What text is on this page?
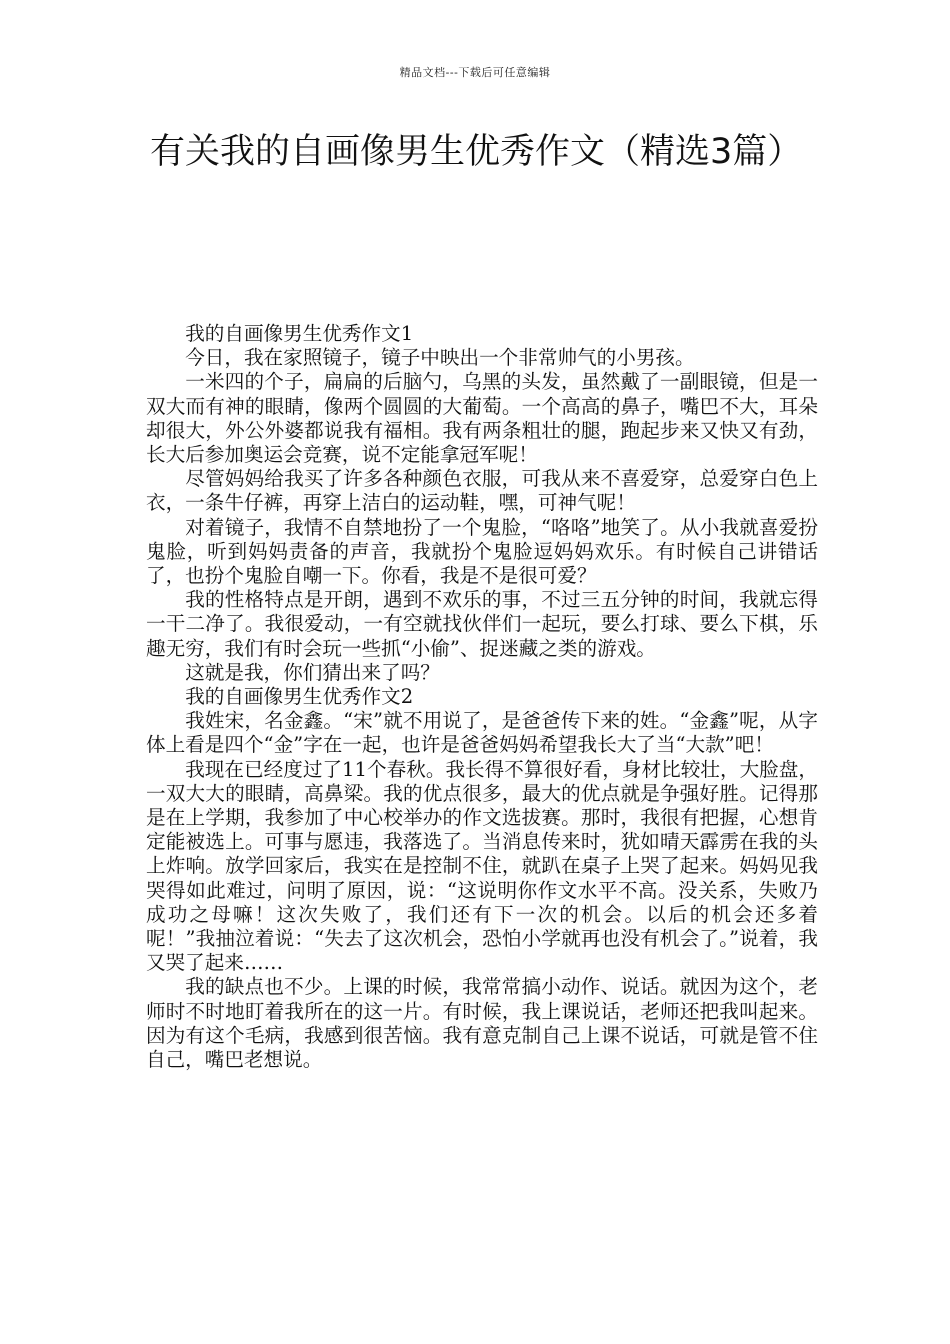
精品文档---下载后可任意编辑
有关我的自画像男生优秀作文（精选3篇）

我的自画像男生优秀作文1

今日，我在家照镜子，镜子中映出一个非常帅气的小男孩。

一米四的个子，扁扁的后脑勺，乌黑的头发，虽然戴了一副眼镜，但是一双大而有神的眼睛，像两个圆圆的大葡萄。一个高高的鼻子，嘴巴不大，耳朵却很大，外公外婆都说我有福相。我有两条粗壮的腿，跑起步来又快又有劲，长大后参加奥运会竞赛，说不定能拿冠军呢！

尽管妈妈给我买了许多各种颜色衣服，可我从来不喜爱穿，总爱穿白色上衣，一条牛仔裤，再穿上洁白的运动鞋，嘿，可神气呢！

对着镜子，我情不自禁地扮了一个鬼脸，“咯咯”地笑了。从小我就喜爱扮鬼脸，听到妈妈责备的声音，我就扮个鬼脸逗妈妈欢乐。有时候自己讲错话了，也扮个鬼脸自嘲一下。你看，我是不是很可爱？

我的性格特点是开朗，遇到不欢乐的事，不过三五分钟的时间，我就忘得一干二净了。我很爱动，一有空就找伙伴们一起玩，要么打球、要么下棋，乐趣无穷，我们有时会玩一些抓“小偷”、捉迷藏之类的游戏。

这就是我，你们猜出来了吗？

我的自画像男生优秀作文2

我姓宋，名金鑫。“宋”就不用说了，是爸爸传下来的姓。“金鑫”呢，从字体上看是四个“金”字在一起，也许是爸爸妈妈希望我长大了当“大款”吧！

我现在已经度过了11个春秋。我长得不算很好看，身材比较壮，大脸盘，一双大大的眼睛，高鼻梁。我的优点很多，最大的优点就是争强好胜。记得那是在上学期，我参加了中心校举办的作文选拔赛。那时，我很有把握，心想肯定能被选上。可事与愿违，我落选了。当消息传来时，犹如晴天霹雳在我的头上炸响。放学回家后，我实在是控制不住，就趴在桌子上哭了起来。妈妈见我哭得如此难过，问明了原因，说：“这说明你作文水平不高。没关系，失败乃成功之母嘛！这次失败了，我们还有下一次的机会。以后的机会还多着呢！”我抽泣着说：“失去了这次机会，恐怕小学就再也没有机会了。”说着，我又哭了起来……

我的缺点也不少。上课的时候，我常常搞小动作、说话。就因为这个，老师时不时地盯着我所在的这一片。有时候，我上课说话，老师还把我叫起来。因为有这个毛病，我感到很苦恼。我有意克制自己上课不说话，可就是管不住自己，嘴巴老想说。
